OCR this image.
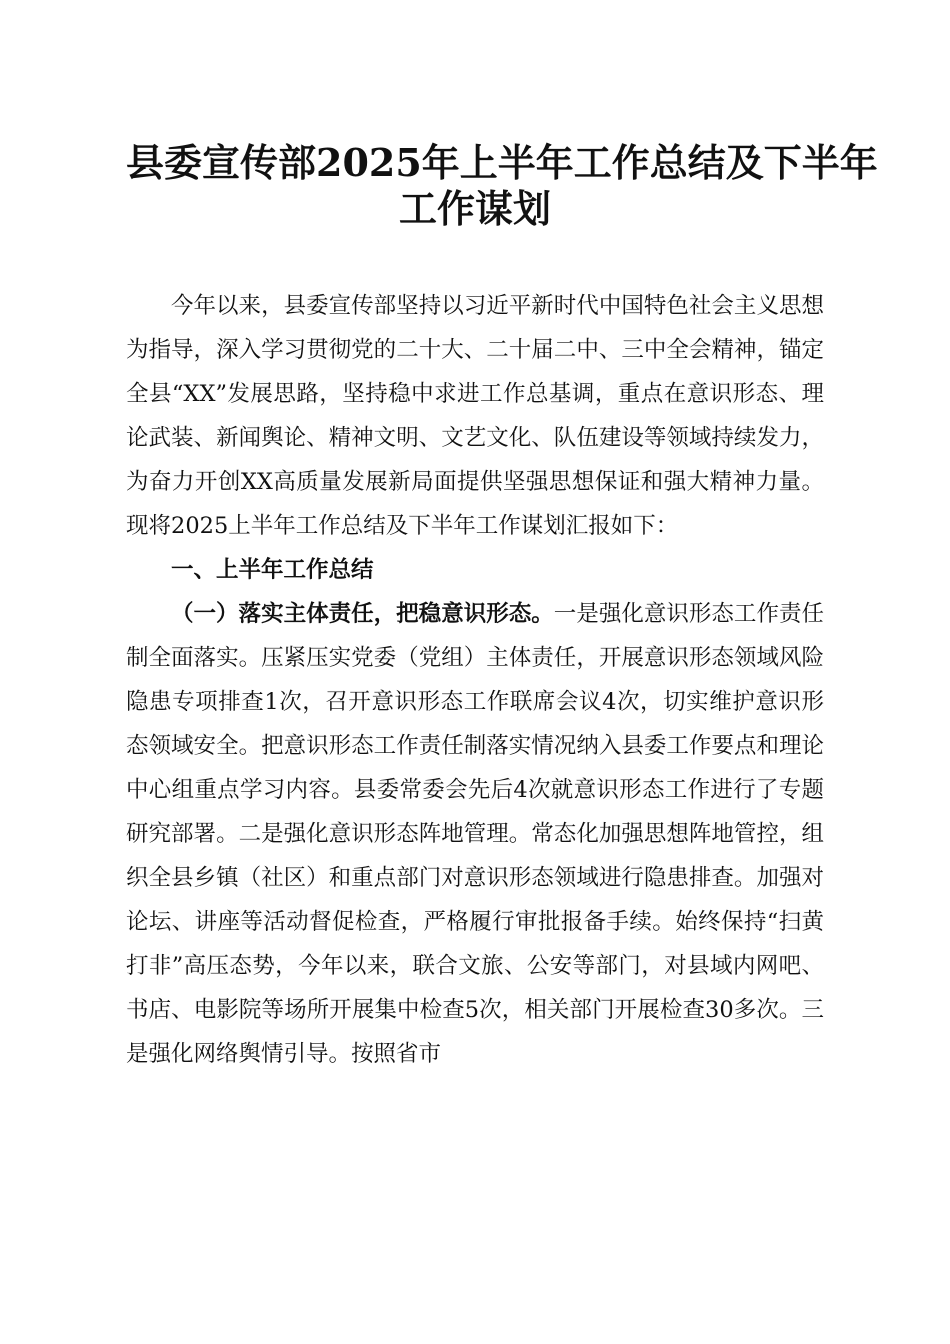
县委宣传部2025年上半年工作总结及下半年
工作谋划

今年以来，县委宣传部坚持以习近平新时代中国特色社会主义思想为指导，深入学习贯彻党的二十大、二十届二中、三中全会精神，锚定全县“XX”发展思路，坚持稳中求进工作总基调，重点在意识形态、理论武装、新闻舆论、精神文明、文艺文化、队伍建设等领域持续发力，为奋力开创XX高质量发展新局面提供坚强思想保证和强大精神力量。现将2025上半年工作总结及下半年工作谋划汇报如下：

一、上半年工作总结

（一）落实主体责任，把稳意识形态。一是强化意识形态工作责任制全面落实。压紧压实党委（党组）主体责任，开展意识形态领域风险隐患专项排查1次，召开意识形态工作联席会议4次，切实维护意识形态领域安全。把意识形态工作责任制落实情况纳入县委工作要点和理论中心组重点学习内容。县委常委会先后4次就意识形态工作进行了专题研究部署。二是强化意识形态阵地管理。常态化加强思想阵地管控，组织全县乡镇（社区）和重点部门对意识形态领域进行隐患排查。加强对论坛、讲座等活动督促检查，严格履行审批报备手续。始终保持“扫黄打非”高压态势，今年以来，联合文旅、公安等部门，对县域内网吧、书店、电影院等场所开展集中检查5次，相关部门开展检查30多次。三是强化网络舆情引导。按照省市
